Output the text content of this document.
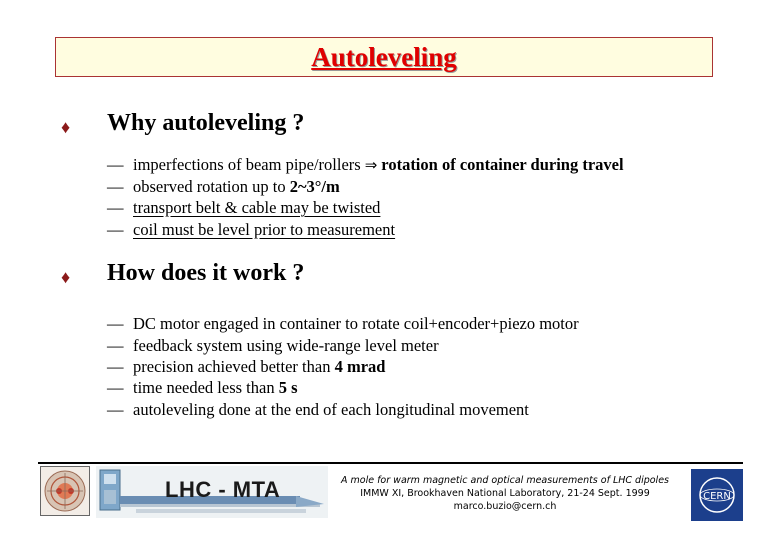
Autoleveling
♦ Why autoleveling ?
— imperfections of beam pipe/rollers ⇒ rotation of container during travel
— observed rotation up to 2~3°/m
— transport belt & cable may be twisted
— coil must be level prior to measurement
♦ How does it work ?
— DC motor engaged in container to rotate coil+encoder+piezo motor
— feedback system using wide-range level meter
— precision achieved better than 4 mrad
— time needed less than 5 s
— autoleveling done at the end of each longitudinal movement
LHC - MTA	A mole for warm magnetic and optical measurements of LHC dipoles
IMMW XI, Brookhaven National Laboratory, 21-24 Sept. 1999
marco.buzio@cern.ch
CERN
